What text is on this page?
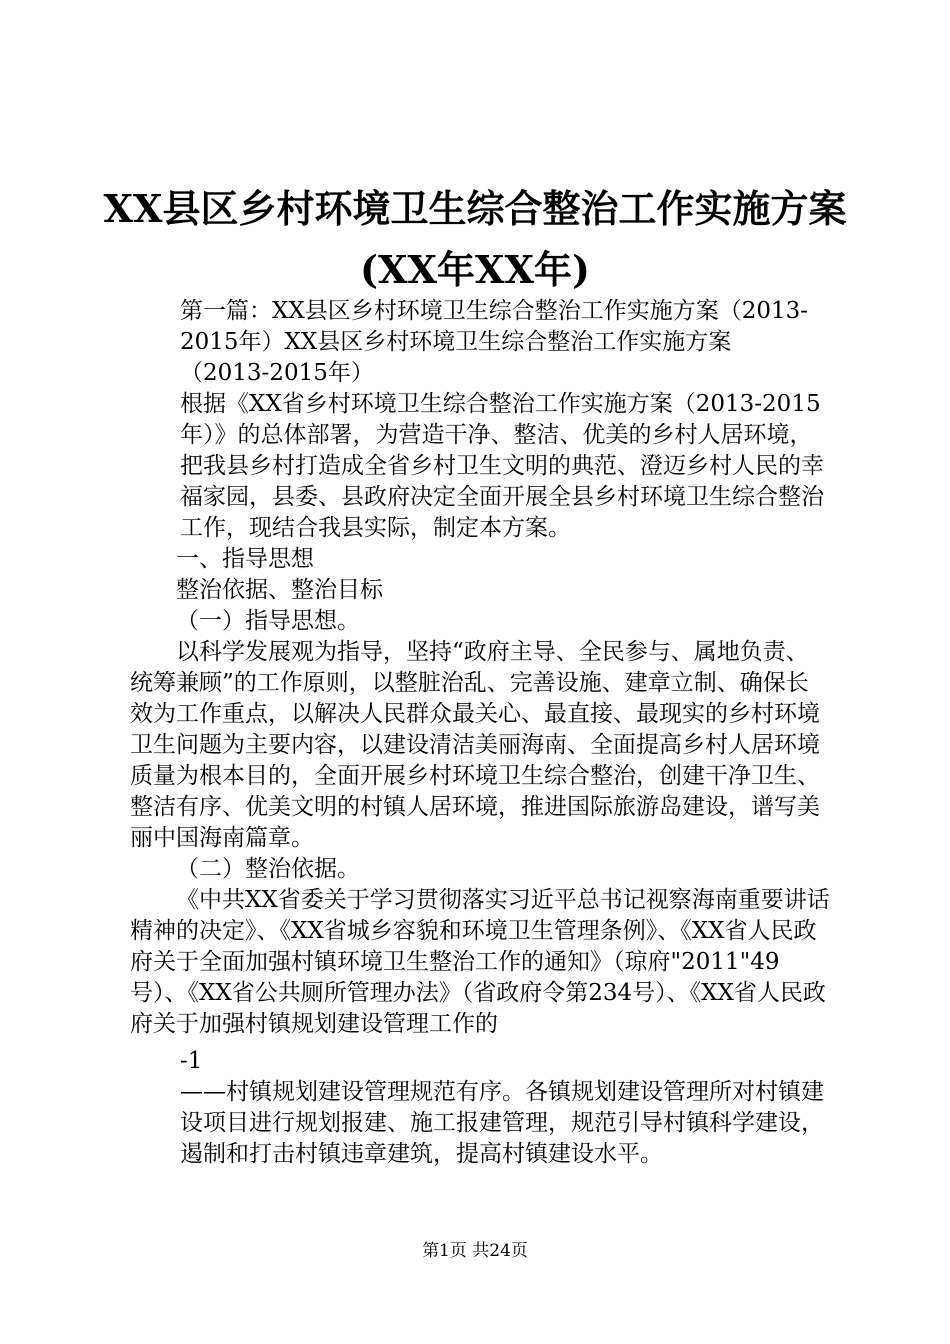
XX县区乡村环境卫生综合整治工作实施方案
(XX年XX年)

第一篇：XX县区乡村环境卫生综合整治工作实施方案（2013-2015年）XX县区乡村环境卫生综合整治工作实施方案

（2013-2015年）

根据《XX省乡村环境卫生综合整治工作实施方案（2013-2015年）》的总体部署，为营造干净、整洁、优美的乡村人居环境，把我县乡村打造成全省乡村卫生文明的典范、澄迈乡村人民的幸福家园，县委、县政府决定全面开展全县乡村环境卫生综合整治工作，现结合我县实际，制定本方案。

一、指导思想

整治依据、整治目标

（一）指导思想。

以科学发展观为指导，坚持“政府主导、全民参与、属地负责、统筹兼顾”的工作原则，以整脏治乱、完善设施、建章立制、确保长效为工作重点，以解决人民群众最关心、最直接、最现实的乡村环境卫生问题为主要内容，以建设清洁美丽海南、全面提高乡村人居环境质量为根本目的，全面开展乡村环境卫生综合整治，创建干净卫生、整洁有序、优美文明的村镇人居环境，推进国际旅游岛建设，谱写美丽中国海南篇章。

（二）整治依据。

《中共XX省委关于学习贯彻落实习近平总书记视察海南重要讲话精神的决定》、《XX省城乡容貌和环境卫生管理条例》、《XX省人民政府关于全面加强村镇环境卫生整治工作的通知》（琼府"2011"49号）、《XX省公共厕所管理办法》（省政府令第234号）、《XX省人民政府关于加强村镇规划建设管理工作的

-1

——村镇规划建设管理规范有序。各镇规划建设管理所对村镇建设项目进行规划报建、施工报建管理，规范引导村镇科学建设，遏制和打击村镇违章建筑，提高村镇建设水平。

第1页 共24页
